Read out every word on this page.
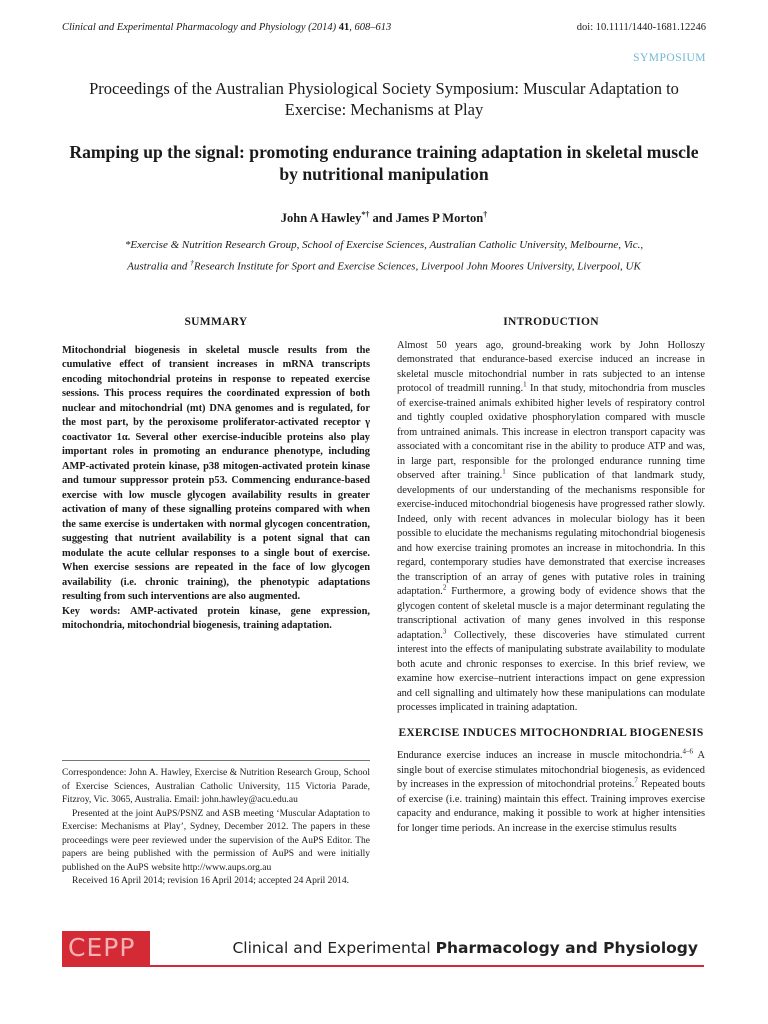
Clinical and Experimental Pharmacology and Physiology (2014) 41, 608–613	doi: 10.1111/1440-1681.12246
SYMPOSIUM
Proceedings of the Australian Physiological Society Symposium: Muscular Adaptation to Exercise: Mechanisms at Play
Ramping up the signal: promoting endurance training adaptation in skeletal muscle by nutritional manipulation
John A Hawley*† and James P Morton†
*Exercise & Nutrition Research Group, School of Exercise Sciences, Australian Catholic University, Melbourne, Vic.,
Australia and †Research Institute for Sport and Exercise Sciences, Liverpool John Moores University, Liverpool, UK
SUMMARY

Mitochondrial biogenesis in skeletal muscle results from the cumulative effect of transient increases in mRNA transcripts encoding mitochondrial proteins in response to repeated exercise sessions. This process requires the coordinated expression of both nuclear and mitochondrial (mt) DNA genomes and is regulated, for the most part, by the peroxisome proliferator-activated receptor γ coactivator 1α. Several other exercise-inducible proteins also play important roles in promoting an endurance phenotype, including AMP-activated protein kinase, p38 mitogen-activated protein kinase and tumour suppressor protein p53. Commencing endurance-based exercise with low muscle glycogen availability results in greater activation of many of these signalling proteins compared with when the same exercise is undertaken with normal glycogen concentration, suggesting that nutrient availability is a potent signal that can modulate the acute cellular responses to a single bout of exercise. When exercise sessions are repeated in the face of low glycogen availability (i.e. chronic training), the phenotypic adaptations resulting from such interventions are also augmented.

Key words: AMP-activated protein kinase, gene expression, mitochondria, mitochondrial biogenesis, training adaptation.

INTRODUCTION

Almost 50 years ago, ground-breaking work by John Holloszy demonstrated that endurance-based exercise induced an increase in skeletal muscle mitochondrial number in rats subjected to an intense protocol of treadmill running.$^1$ In that study, mitochondria from muscles of exercise-trained animals exhibited higher levels of respiratory control and tightly coupled oxidative phosphorylation compared with muscle from untrained animals. This increase in electron transport capacity was associated with a concomitant rise in the ability to produce ATP and was, in large part, responsible for the prolonged endurance running time observed after training.$^1$ Since publication of that landmark study, developments of our understanding of the mechanisms responsible for exercise-induced mitochondrial biogenesis have progressed rather slowly. Indeed, only with recent advances in molecular biology has it been possible to elucidate the mechanisms regulating mitochondrial biogenesis and how exercise training promotes an increase in mitochondria. In this regard, contemporary studies have demonstrated that exercise increases the transcription of an array of genes with putative roles in training adaptation.$^2$ Furthermore, a growing body of evidence shows that the glycogen content of skeletal muscle is a major determinant regulating the transcriptional activation of many genes involved in this response adaptation.$^3$ Collectively, these discoveries have stimulated current interest into the effects of manipulating substrate availability to modulate both acute and chronic responses to exercise. In this brief review, we examine how exercise–nutrient interactions impact on gene expression and cell signalling and ultimately how these manipulations can modulate processes implicated in training adaptation.

EXERCISE INDUCES MITOCHONDRIAL BIOGENESIS

Endurance exercise induces an increase in muscle mitochondria.$^{4-6}$ A single bout of exercise stimulates mitochondrial biogenesis, as evidenced by increases in the expression of mitochondrial proteins.$^7$ Repeated bouts of exercise (i.e. training) maintain this effect. Training improves exercise capacity and endurance, making it possible to work at higher intensities for longer time periods. An increase in the exercise stimulus results

Correspondence: John A. Hawley, Exercise & Nutrition Research Group, School of Exercise Sciences, Australian Catholic University, 115 Victoria Parade, Fitzroy, Vic. 3065, Australia. Email: john.hawley@acu.edu.au

Presented at the joint AuPS/PSNZ and ASB meeting ‘Muscular Adaptation to Exercise: Mechanisms at Play’, Sydney, December 2012. The papers in these proceedings were peer reviewed under the supervision of the AuPS Editor. The papers are being published with the permission of AuPS and were initially published on the AuPS website http://www.aups.org.au

Received 16 April 2014; revision 16 April 2014; accepted 24 April 2014.

CEPP	Clinical and Experimental Pharmacology and Physiology
